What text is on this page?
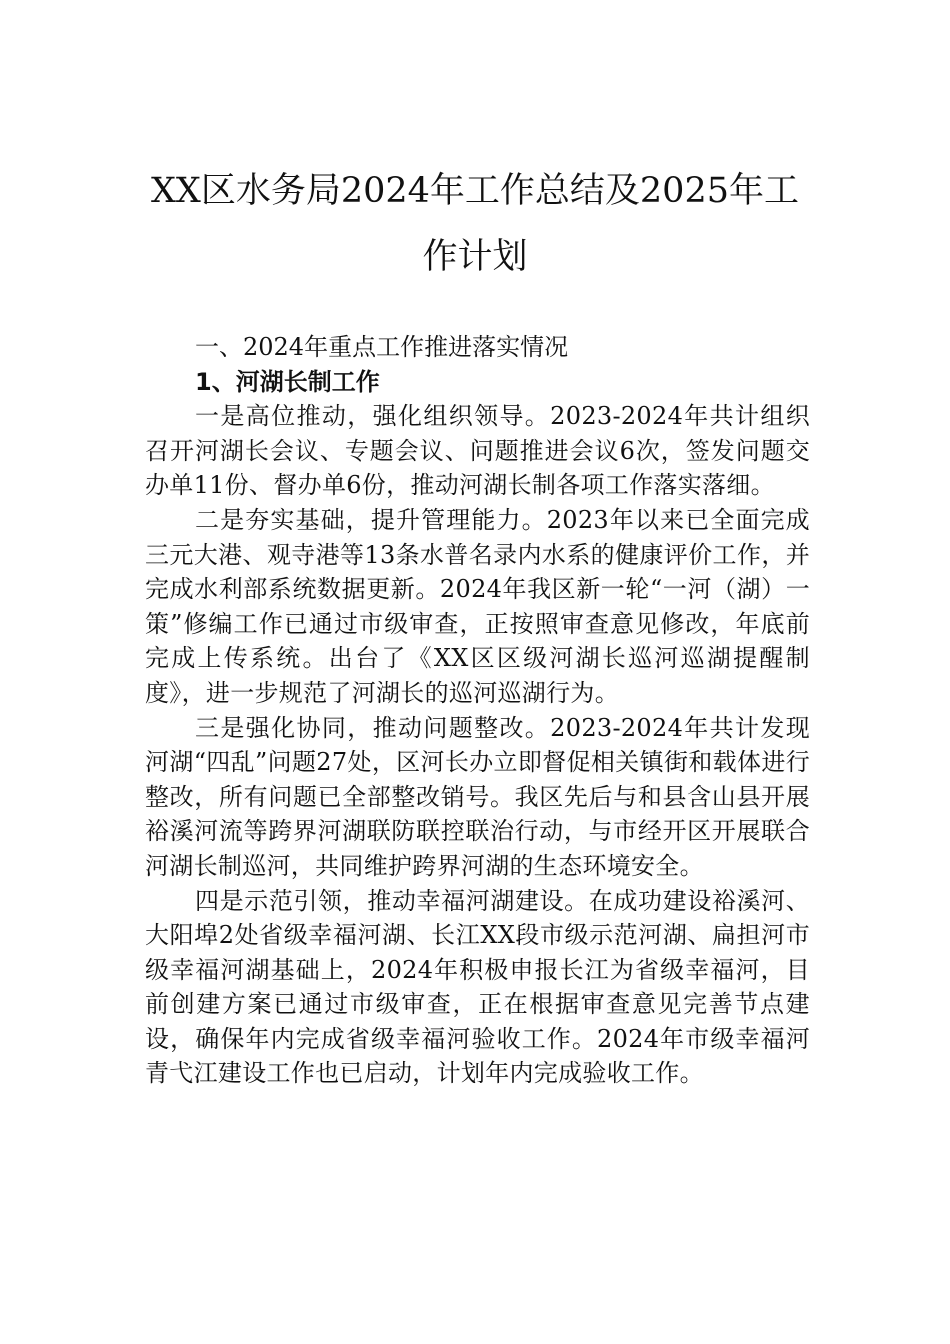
XX区水务局2024年工作总结及2025年工
作计划
一、2024年重点工作推进落实情况
1、河湖长制工作

一是高位推动，强化组织领导。2023-2024年共计组织召开河湖长会议、专题会议、问题推进会议6次，签发问题交办单11份、督办单6份，推动河湖长制各项工作落实落细。

二是夯实基础，提升管理能力。2023年以来已全面完成三元大港、观寺港等13条水普名录内水系的健康评价工作，并完成水利部系统数据更新。2024年我区新一轮“一河（湖）一策”修编工作已通过市级审查，正按照审查意见修改，年底前完成上传系统。出台了《XX区区级河湖长巡河巡湖提醒制度》，进一步规范了河湖长的巡河巡湖行为。

三是强化协同，推动问题整改。2023-2024年共计发现河湖“四乱”问题27处，区河长办立即督促相关镇街和载体进行整改，所有问题已全部整改销号。我区先后与和县含山县开展裕溪河流等跨界河湖联防联控联治行动，与市经开区开展联合河湖长制巡河，共同维护跨界河湖的生态环境安全。

四是示范引领，推动幸福河湖建设。在成功建设裕溪河、大阳埠2处省级幸福河湖、长江XX段市级示范河湖、扁担河市级幸福河湖基础上，2024年积极申报长江为省级幸福河，目前创建方案已通过市级审查，正在根据审查意见完善节点建设，确保年内完成省级幸福河验收工作。2024年市级幸福河青弋江建设工作也已启动，计划年内完成验收工作。
